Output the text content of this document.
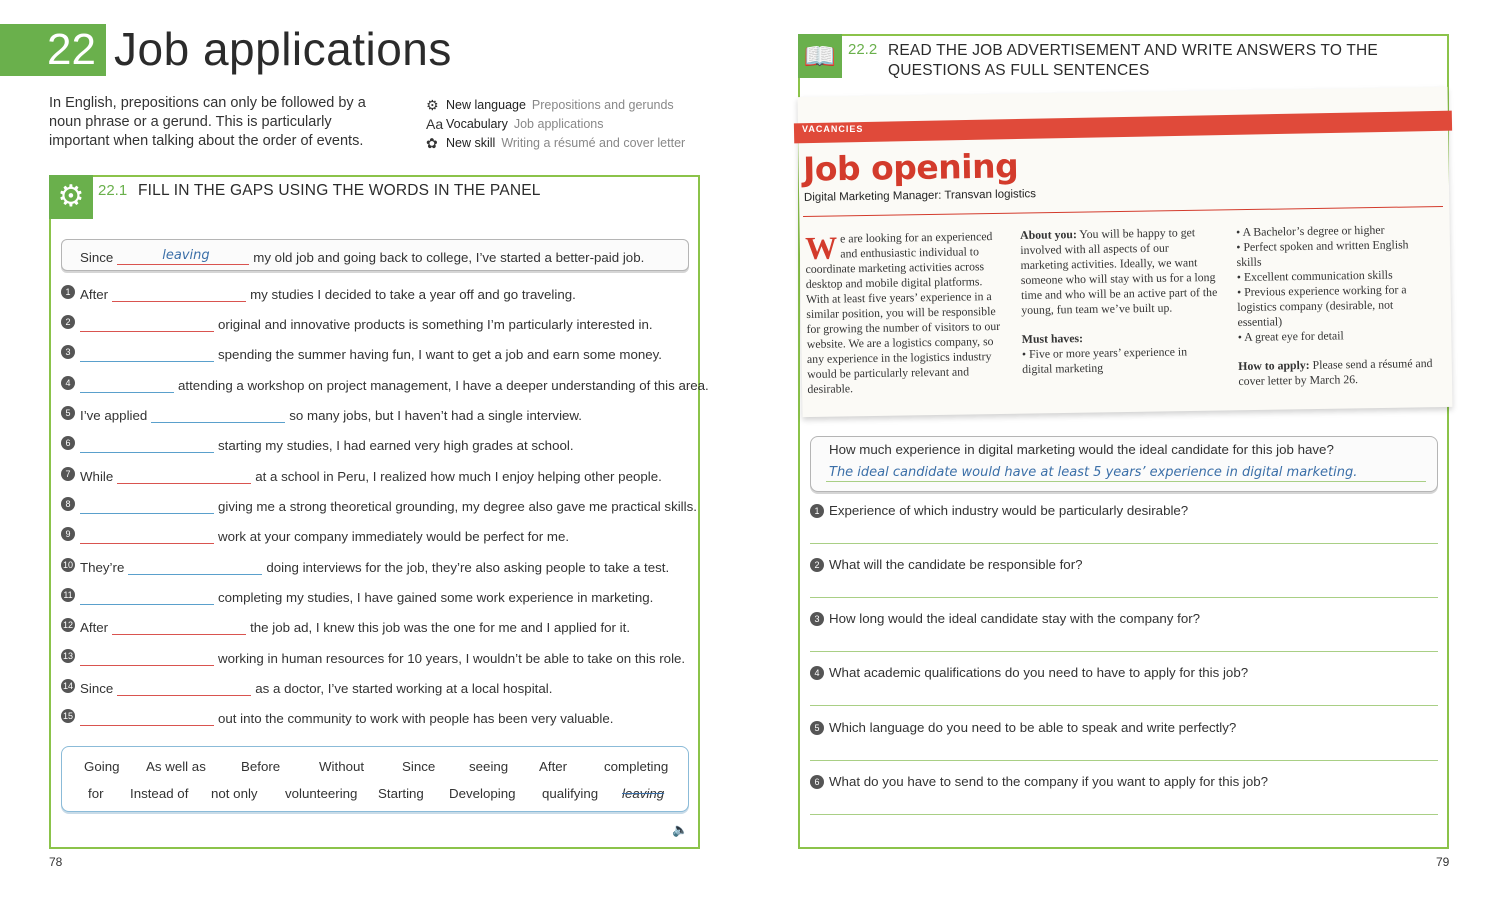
22 Job applications
In English, prepositions can only be followed by a noun phrase or a gerund. This is particularly important when talking about the order of events.
⚙ New language Prepositions and gerunds
Aa Vocabulary Job applications
✿ New skill Writing a résumé and cover letter
⚙ 22.1 FILL IN THE GAPS USING THE WORDS IN THE PANEL
Since	leaving	my old job and going back to college, I’ve started a better-paid job.
1 After	my studies I decided to take a year off and go traveling.
2	original and innovative products is something I’m particularly interested in.
3	spending the summer having fun, I want to get a job and earn some money.
4	attending a workshop on project management, I have a deeper understanding of this area.
5 I’ve applied	so many jobs, but I haven’t had a single interview.
6	starting my studies, I had earned very high grades at school.
7 While	at a school in Peru, I realized how much I enjoy helping other people.
8	giving me a strong theoretical grounding, my degree also gave me practical skills.
9	work at your company immediately would be perfect for me.
10 They’re	doing interviews for the job, they’re also asking people to take a test.
11	completing my studies, I have gained some work experience in marketing.
12 After	the job ad, I knew this job was the one for me and I applied for it.
13	working in human resources for 10 years, I wouldn’t be able to take on this role.
14 Since	as a doctor, I’ve started working at a local hospital.
15	out into the community to work with people has been very valuable.
Going As well as	Before	Without	Since	seeing After	completing
for Instead of not only volunteering Starting Developing qualifying leaving
🔈
78
📖 22.2 READ THE JOB ADVERTISEMENT AND WRITE ANSWERS TO THE QUESTIONS AS FULL SENTENCES
VACANCIES
Job opening
Digital Marketing Manager: Transvan logistics
We are looking for an experienced and enthusiastic individual to coordinate marketing activities across desktop and mobile digital platforms. With at least five years’ experience in a similar position, you will be responsible for growing the number of visitors to our website. We are a logistics company, so any experience in the logistics industry would be particularly relevant and desirable.
About you: You will be happy to get involved with all aspects of our marketing activities. Ideally, we want someone who will stay with us for a long time and who will be an active part of the young, fun team we’ve built up.
Must haves:
• Five or more years’ experience in digital marketing
• A Bachelor’s degree or higher
• Perfect spoken and written English skills
• Excellent communication skills
• Previous experience working for a logistics company (desirable, not essential)
• A great eye for detail
How to apply: Please send a résumé and cover letter by March 26.
How much experience in digital marketing would the ideal candidate for this job have?
The ideal candidate would have at least 5 years’ experience in digital marketing.
1 Experience of which industry would be particularly desirable?
2 What will the candidate be responsible for?
3 How long would the ideal candidate stay with the company for?
4 What academic qualifications do you need to have to apply for this job?
5 Which language do you need to be able to speak and write perfectly?
6 What do you have to send to the company if you want to apply for this job?
79
